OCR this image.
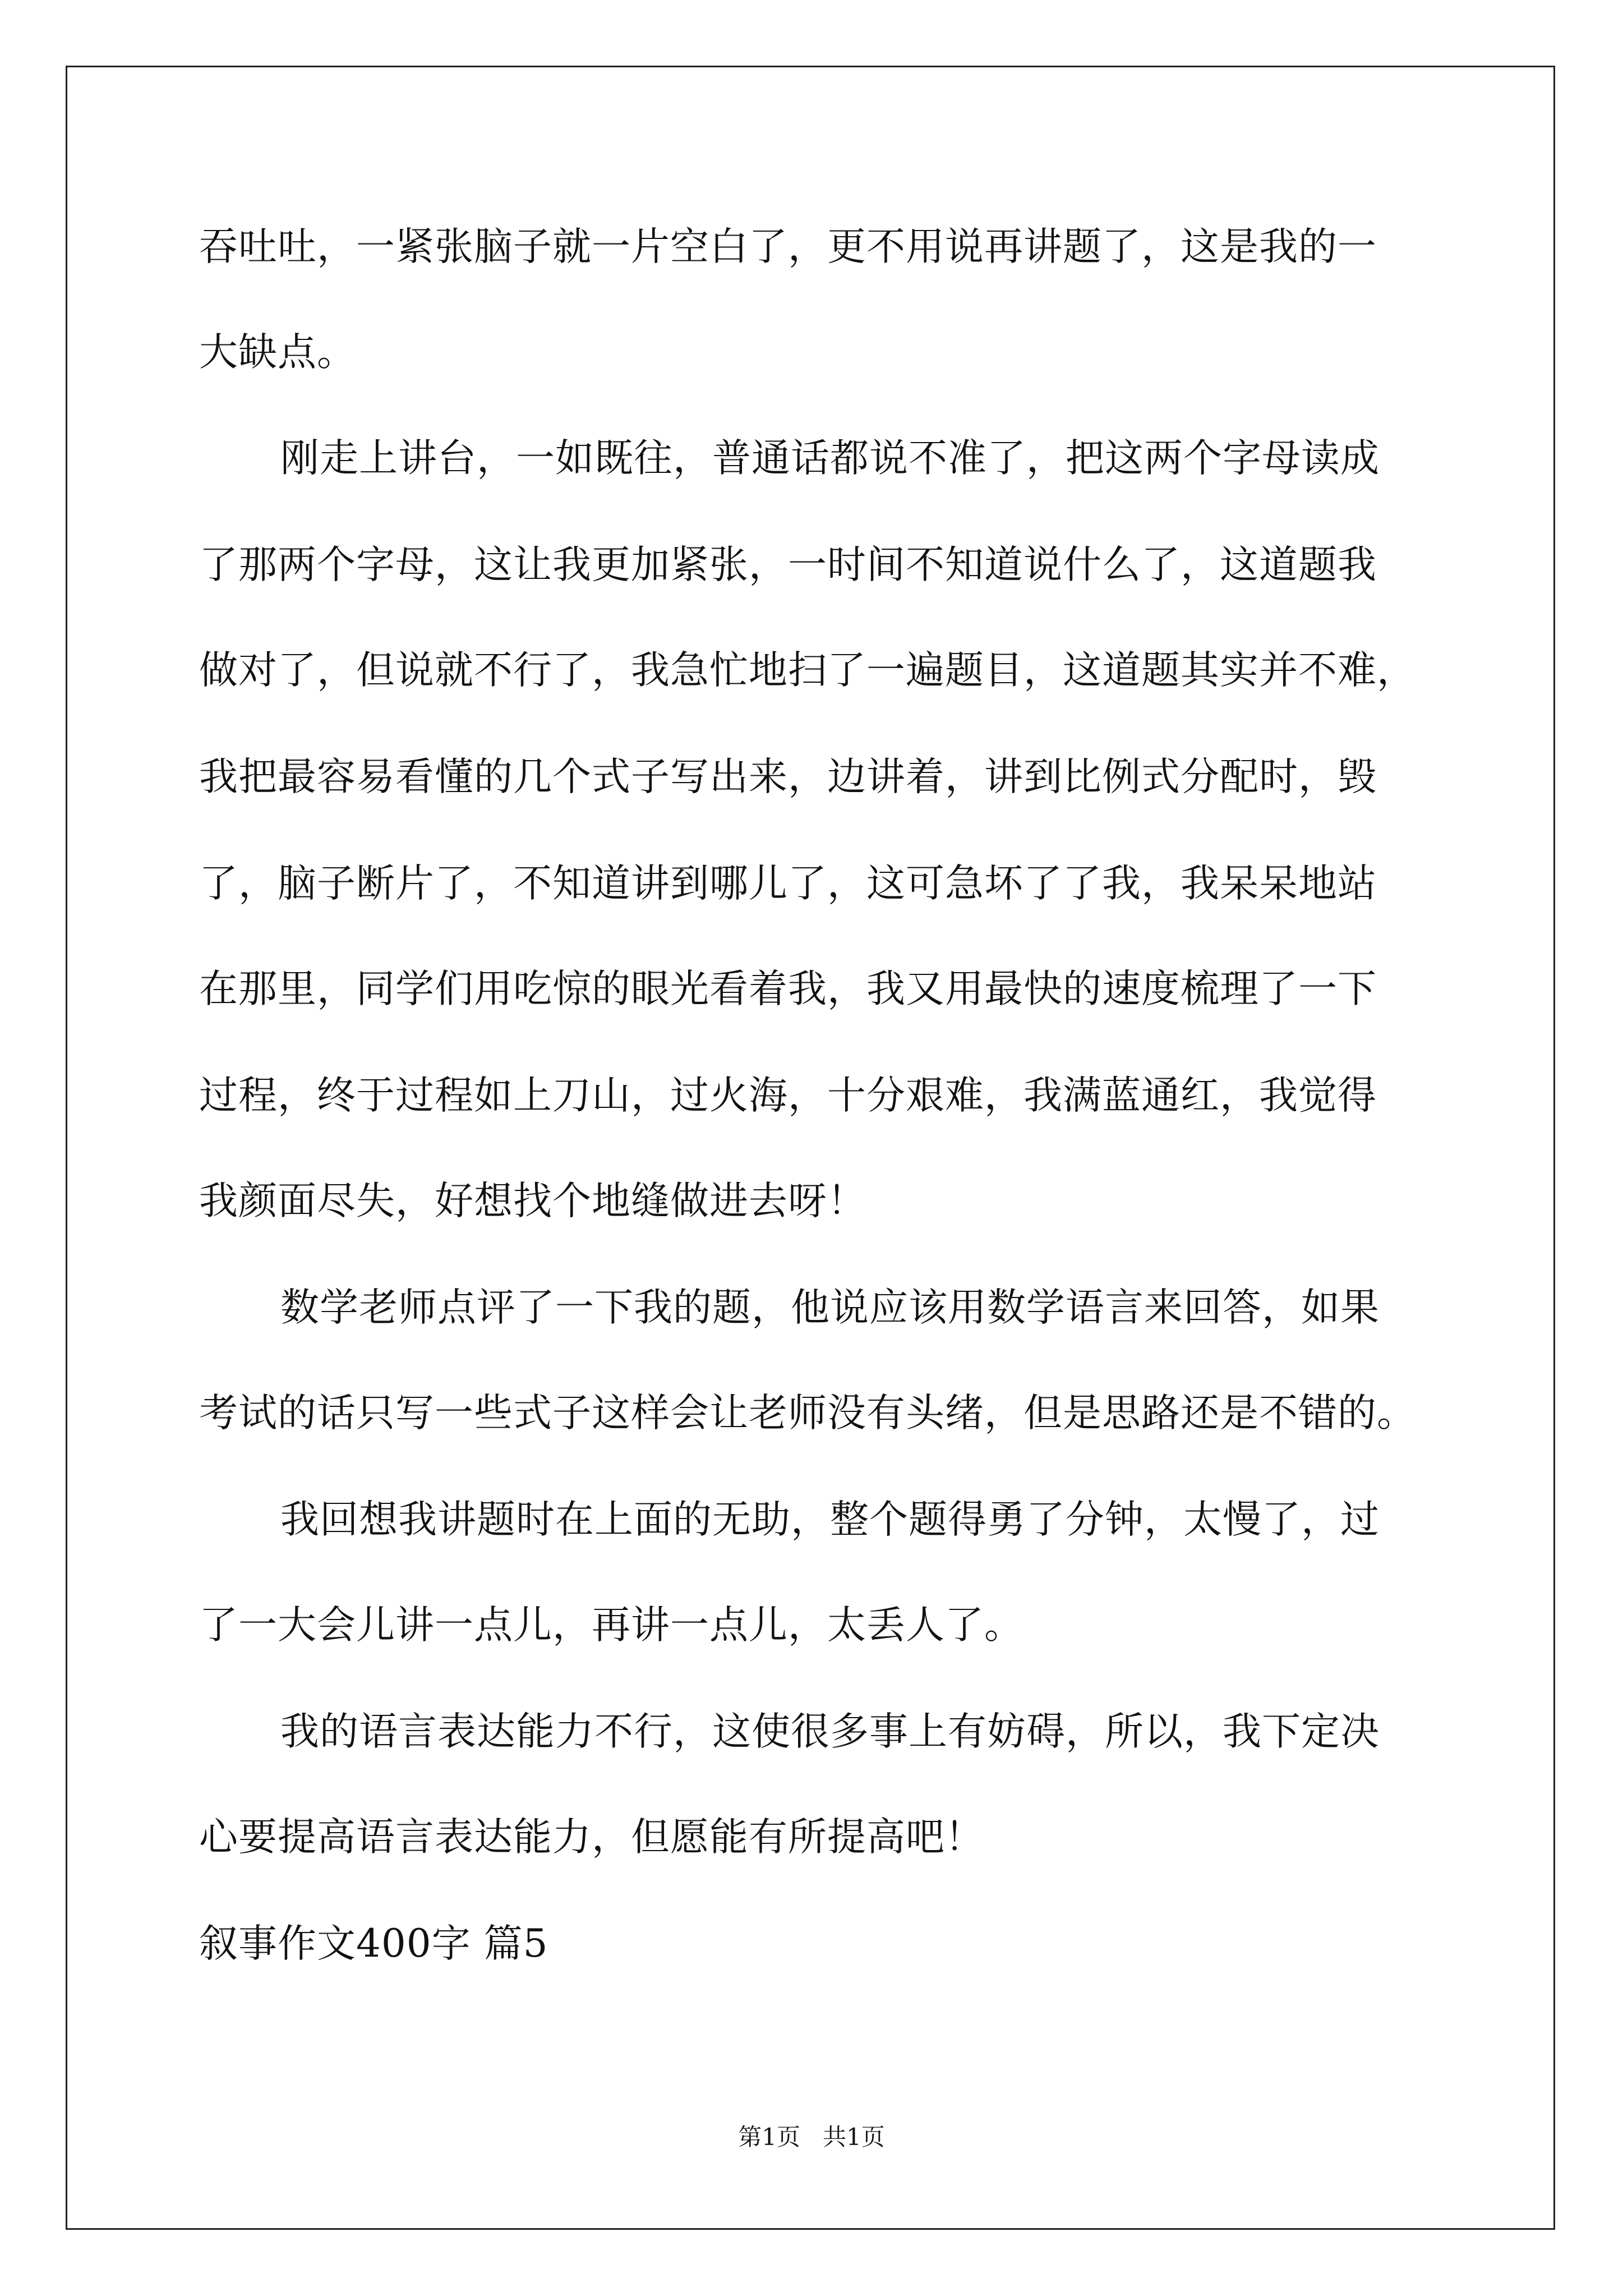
吞吐吐，一紧张脑子就一片空白了，更不用说再讲题了，这是我的一

大缺点。

刚走上讲台，一如既往，普通话都说不准了，把这两个字母读成

了那两个字母，这让我更加紧张，一时间不知道说什么了，这道题我

做对了，但说就不行了，我急忙地扫了一遍题目，这道题其实并不难，

我把最容易看懂的几个式子写出来，边讲着，讲到比例式分配时，毁

了，脑子断片了，不知道讲到哪儿了，这可急坏了了我，我呆呆地站

在那里，同学们用吃惊的眼光看着我，我又用最快的速度梳理了一下

过程，终于过程如上刀山，过火海，十分艰难，我满蓝通红，我觉得

我颜面尽失，好想找个地缝做进去呀！

数学老师点评了一下我的题，他说应该用数学语言来回答，如果

考试的话只写一些式子这样会让老师没有头绪，但是思路还是不错的。

我回想我讲题时在上面的无助，整个题得勇了分钟，太慢了，过

了一大会儿讲一点儿，再讲一点儿，太丢人了。

我的语言表达能力不行，这使很多事上有妨碍，所以，我下定决

心要提高语言表达能力，但愿能有所提高吧！

叙事作文400字 篇5

第1页   共1页
